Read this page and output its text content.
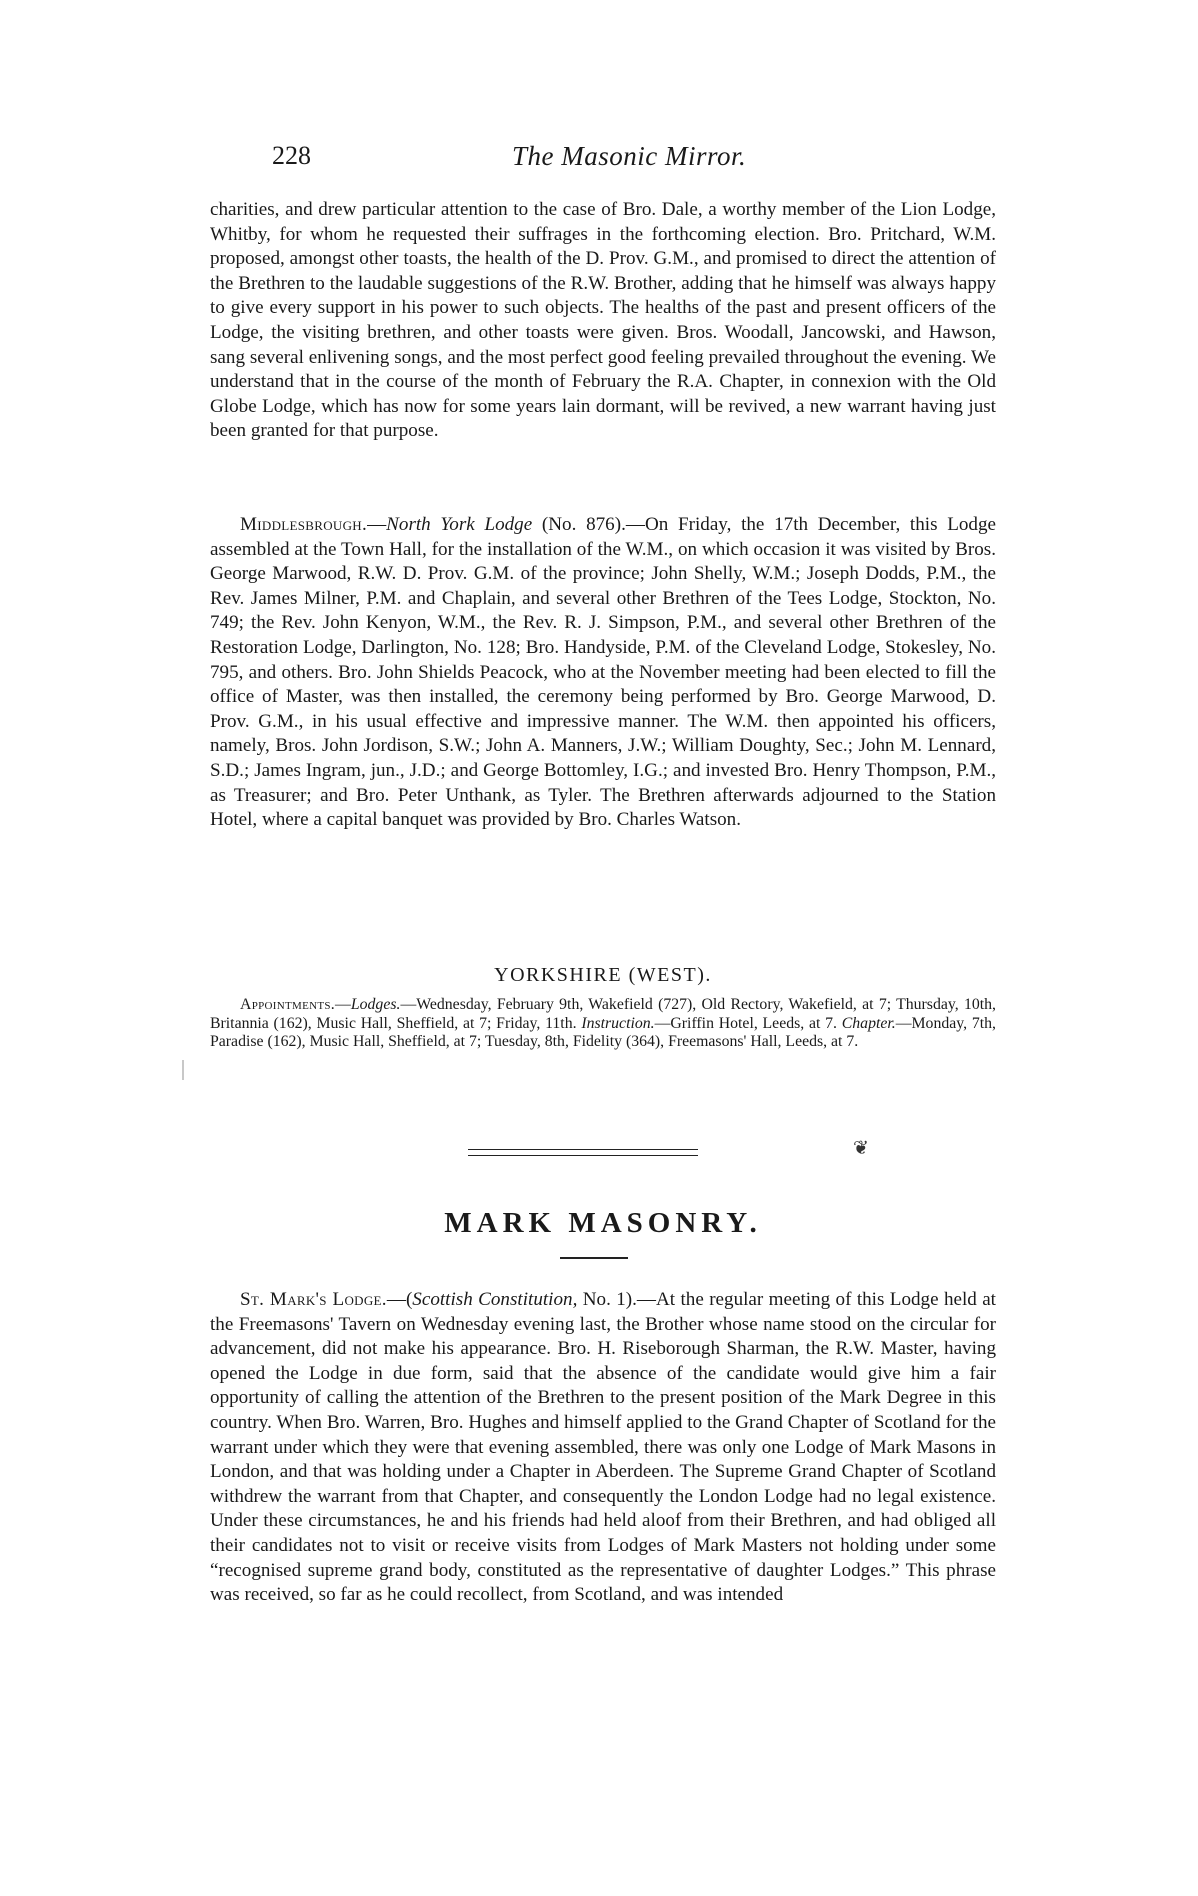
228	The Masonic Mirror.

charities, and drew particular attention to the case of Bro. Dale, a worthy member of the Lion Lodge, Whitby, for whom he requested their suffrages in the forthcoming election. Bro. Pritchard, W.M. proposed, amongst other toasts, the health of the D. Prov. G.M., and promised to direct the attention of the Brethren to the laudable suggestions of the R.W. Brother, adding that he himself was always happy to give every support in his power to such objects. The healths of the past and present officers of the Lodge, the visiting brethren, and other toasts were given. Bros. Woodall, Jancowski, and Hawson, sang several enlivening songs, and the most perfect good feeling prevailed throughout the evening. We understand that in the course of the month of February the R.A. Chapter, in connexion with the Old Globe Lodge, which has now for some years lain dormant, will be revived, a new warrant having just been granted for that purpose.

Middlesbrough.—North York Lodge (No. 876).—On Friday, the 17th December, this Lodge assembled at the Town Hall, for the installation of the W.M., on which occasion it was visited by Bros. George Marwood, R.W. D. Prov. G.M. of the province; John Shelly, W.M.; Joseph Dodds, P.M., the Rev. James Milner, P.M. and Chaplain, and several other Brethren of the Tees Lodge, Stockton, No. 749; the Rev. John Kenyon, W.M., the Rev. R. J. Simpson, P.M., and several other Brethren of the Restoration Lodge, Darlington, No. 128; Bro. Handyside, P.M. of the Cleveland Lodge, Stokesley, No. 795, and others. Bro. John Shields Peacock, who at the November meeting had been elected to fill the office of Master, was then installed, the ceremony being performed by Bro. George Marwood, D. Prov. G.M., in his usual effective and impressive manner. The W.M. then appointed his officers, namely, Bros. John Jordison, S.W.; John A. Manners, J.W.; William Doughty, Sec.; John M. Lennard, S.D.; James Ingram, jun., J.D.; and George Bottomley, I.G.; and invested Bro. Henry Thompson, P.M., as Treasurer; and Bro. Peter Unthank, as Tyler. The Brethren afterwards adjourned to the Station Hotel, where a capital banquet was provided by Bro. Charles Watson.

YORKSHIRE (WEST).

Appointments.—Lodges.—Wednesday, February 9th, Wakefield (727), Old Rectory, Wakefield, at 7; Thursday, 10th, Britannia (162), Music Hall, Sheffield, at 7; Friday, 11th. Instruction.—Griffin Hotel, Leeds, at 7. Chapter.—Monday, 7th, Paradise (162), Music Hall, Sheffield, at 7; Tuesday, 8th, Fidelity (364), Freemasons' Hall, Leeds, at 7.

❦
MARK MASONRY.

St. Mark's Lodge.—(Scottish Constitution, No. 1).—At the regular meeting of this Lodge held at the Freemasons' Tavern on Wednesday evening last, the Brother whose name stood on the circular for advancement, did not make his appearance. Bro. H. Riseborough Sharman, the R.W. Master, having opened the Lodge in due form, said that the absence of the candidate would give him a fair opportunity of calling the attention of the Brethren to the present position of the Mark Degree in this country. When Bro. Warren, Bro. Hughes and himself applied to the Grand Chapter of Scotland for the warrant under which they were that evening assembled, there was only one Lodge of Mark Masons in London, and that was holding under a Chapter in Aberdeen. The Supreme Grand Chapter of Scotland withdrew the warrant from that Chapter, and consequently the London Lodge had no legal existence. Under these circumstances, he and his friends had held aloof from their Brethren, and had obliged all their candidates not to visit or receive visits from Lodges of Mark Masters not holding under some “recognised supreme grand body, constituted as the representative of daughter Lodges.” This phrase was received, so far as he could recollect, from Scotland, and was intended
